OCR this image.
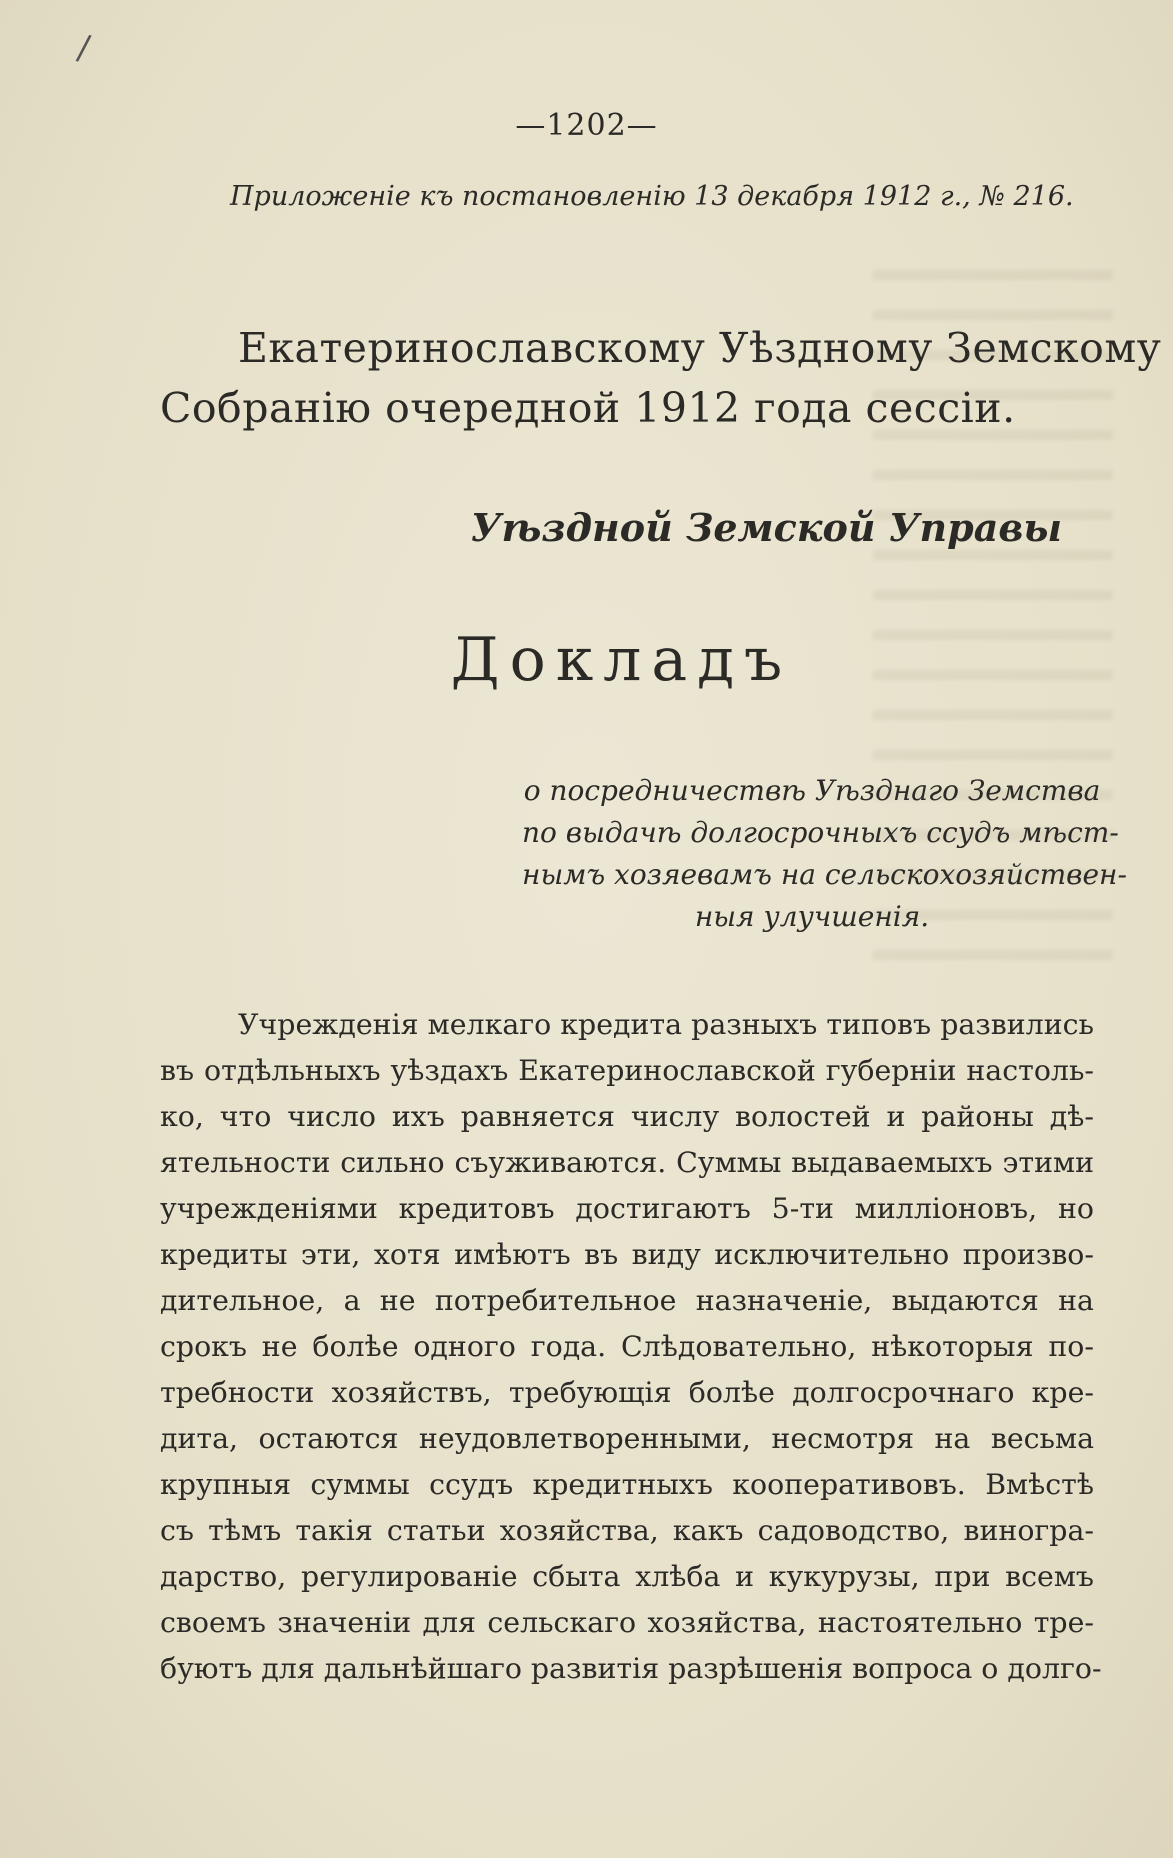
/
—1202—
Приложеніе къ постановленію 13 декабря 1912 г., № 216.
Екатеринославскому Уѣздному Земскому
Собранію очередной 1912 года сессіи.
Уѣздной Земской Управы
Докладъ
о посредничествѣ Уѣзднаго Земства
по выдачѣ долгосрочныхъ ссудъ мѣст-
нымъ хозяевамъ на сельскохозяйствен-
ныя улучшенія.
Учрежденія мелкаго кредита разныхъ типовъ развились
въ отдѣльныхъ уѣздахъ Екатеринославской губерніи настоль-
ко, что число ихъ равняется числу волостей и районы дѣ-
ятельности сильно съуживаются. Суммы выдаваемыхъ этими
учрежденіями кредитовъ достигаютъ 5-ти милліоновъ, но
кредиты эти, хотя имѣютъ въ виду исключительно произво-
дительное, а не потребительное назначеніе, выдаются на
срокъ не болѣе одного года. Слѣдовательно, нѣкоторыя по-
требности хозяйствъ, требующія болѣе долгосрочнаго кре-
дита, остаются неудовлетворенными, несмотря на весьма
крупныя суммы ссудъ кредитныхъ кооперативовъ. Вмѣстѣ
съ тѣмъ такія статьи хозяйства, какъ садоводство, виногра-
дарство, регулированіе сбыта хлѣба и кукурузы, при всемъ
своемъ значеніи для сельскаго хозяйства, настоятельно тре-
буютъ для дальнѣйшаго развитія разрѣшенія вопроса о долго-
